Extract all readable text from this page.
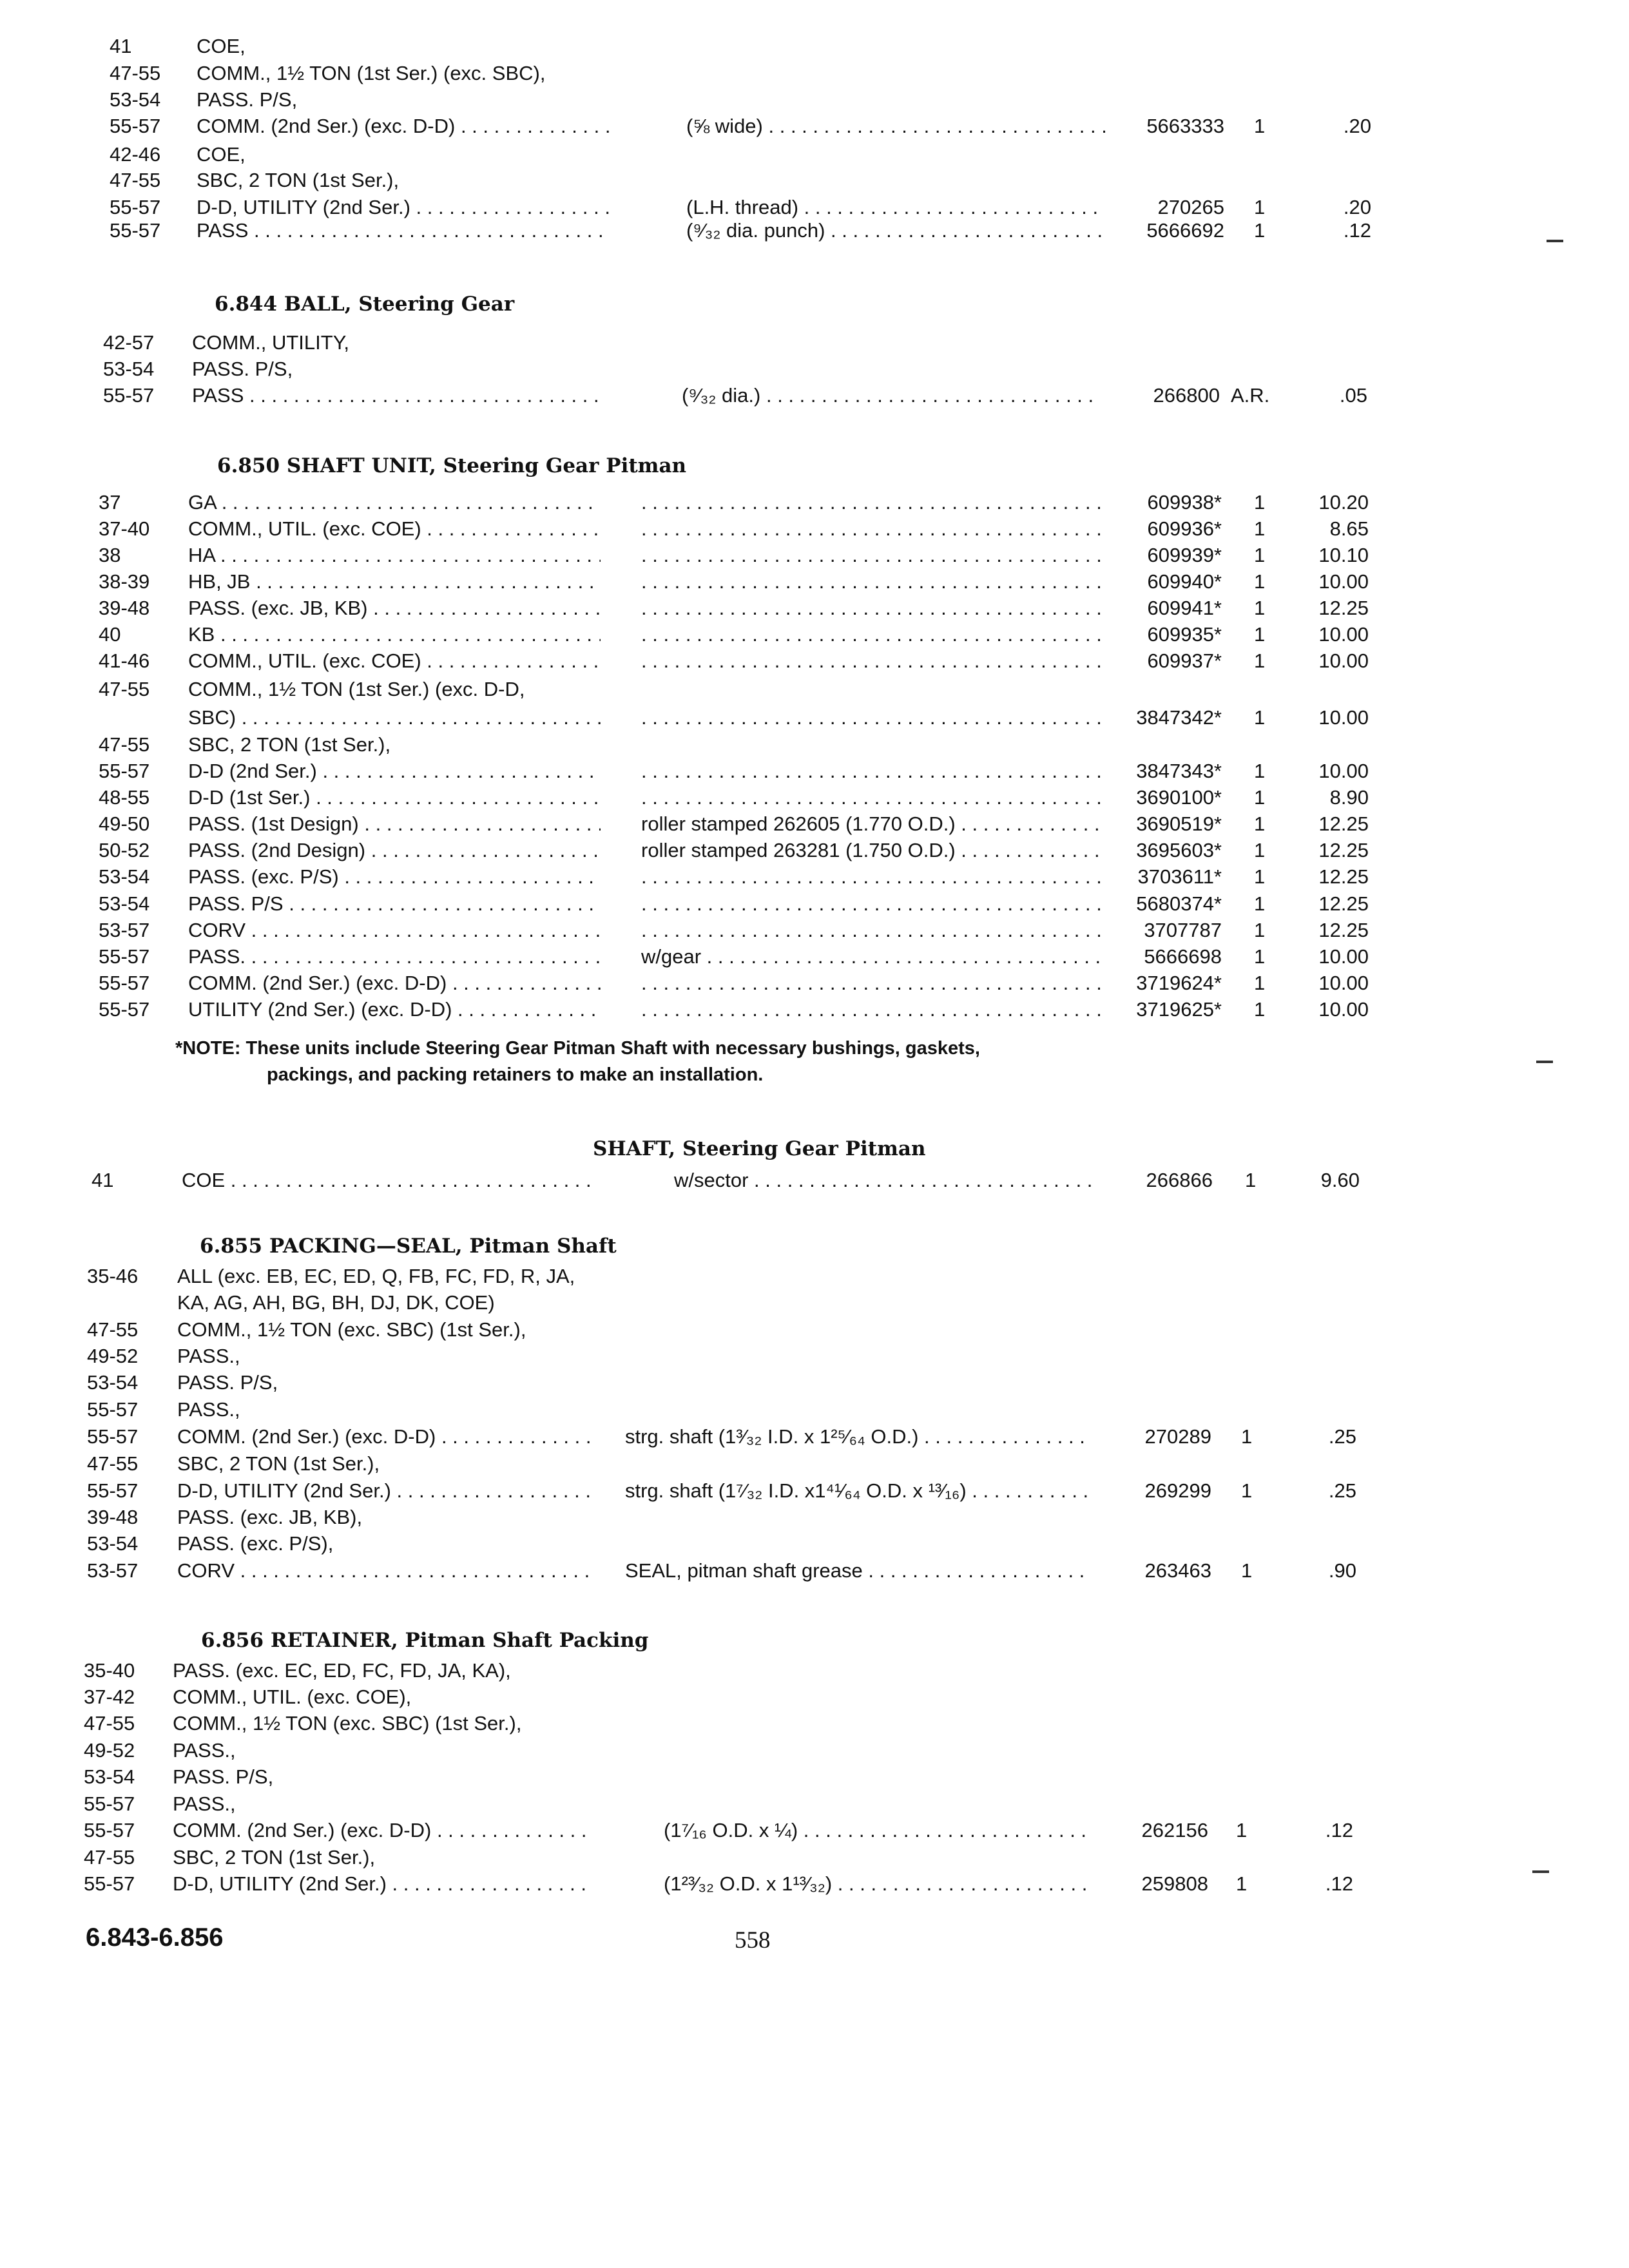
41	COE,
47-55	COMM., 1½ TON (1st Ser.) (exc. SBC),
53-54	PASS. P/S,
55-57	COMM. (2nd Ser.) (exc. D-D) . . .	(⅝ wide) . . .	5663333 1	.20
42-46	COE,
47-55	SBC, 2 TON (1st Ser.),
55-57	D-D, UTILITY (2nd Ser.) . . .	(L.H. thread) . . .	270265 1	.20
55-57	PASS . . .	(⁹⁄₃₂ dia. punch) . . .	5666692 1	.12
6.844 BALL, Steering Gear
42-57	COMM., UTILITY,
53-54	PASS. P/S,
55-57	PASS . . .	(⁹⁄₃₂ dia.) . . .	266800 A.R.	.05
6.850 SHAFT UNIT, Steering Gear Pitman
37	GA . . . . . .	609938* 1	10.20
37-40	COMM., UTIL. (exc. COE) . . . . . .	609936* 1	8.65
38	HA . . . . . .	609939* 1	10.10
38-39	HB, JB . . . . . .	609940* 1	10.00
39-48	PASS. (exc. JB, KB) . . . . . .	609941* 1	12.25
40	KB . . . . . .	609935* 1	10.00
41-46	COMM., UTIL. (exc. COE) . . . . . .	609937* 1	10.00
47-55	COMM., 1½ TON (1st Ser.) (exc. D-D,
SBC) . . . . . .	3847342* 1	10.00
47-55	SBC, 2 TON (1st Ser.),
55-57	D-D (2nd Ser.) . . . . . .	3847343* 1	10.00
48-55	D-D (1st Ser.) . . . . . .	3690100* 1	8.90
49-50	PASS. (1st Design) . . .	roller stamped 262605 (1.770 O.D.) . . .	3690519* 1	12.25
50-52	PASS. (2nd Design) . . .	roller stamped 263281 (1.750 O.D.) . . .	3695603* 1	12.25
53-54	PASS. (exc. P/S) . . . . . .	3703611* 1	12.25
53-54	PASS. P/S . . . . . .	5680374* 1	12.25
53-57	CORV . . . . . .	3707787 1	12.25
55-57	PASS. . . .	w/gear . . .	5666698 1	10.00
55-57	COMM. (2nd Ser.) (exc. D-D) . . . . . .	3719624* 1	10.00
55-57	UTILITY (2nd Ser.) (exc. D-D) . . . . . .	3719625* 1	10.00
*NOTE: These units include Steering Gear Pitman Shaft with necessary bushings, gaskets,
packings, and packing retainers to make an installation.
SHAFT, Steering Gear Pitman
41	COE . . .	w/sector . . .	266866 1	9.60
6.855 PACKING—SEAL, Pitman Shaft
35-46	ALL (exc. EB, EC, ED, Q, FB, FC, FD, R, JA,
KA, AG, AH, BG, BH, DJ, DK, COE)
47-55	COMM., 1½ TON (exc. SBC) (1st Ser.),
49-52	PASS.,
53-54	PASS. P/S,
55-57	PASS.,
55-57	COMM. (2nd Ser.) (exc. D-D) . . .	strg. shaft (1³⁄₃₂ I.D. x 1²⁵⁄₆₄ O.D.) . . .	270289 1	.25
47-55	SBC, 2 TON (1st Ser.),
55-57	D-D, UTILITY (2nd Ser.) . . .	strg. shaft (1⁷⁄₃₂ I.D. x1⁴¹⁄₆₄ O.D. x ¹³⁄₁₆) . . .	269299 1	.25
39-48	PASS. (exc. JB, KB),
53-54	PASS. (exc. P/S),
53-57	CORV . . .	SEAL, pitman shaft grease . . .	263463 1	.90
6.856 RETAINER, Pitman Shaft Packing
35-40	PASS. (exc. EC, ED, FC, FD, JA, KA),
37-42	COMM., UTIL. (exc. COE),
47-55	COMM., 1½ TON (exc. SBC) (1st Ser.),
49-52	PASS.,
53-54	PASS. P/S,
55-57	PASS.,
55-57	COMM. (2nd Ser.) (exc. D-D) . . .	(1⁷⁄₁₆ O.D. x ¼) . . .	262156 1	.12
47-55	SBC, 2 TON (1st Ser.),
55-57	D-D, UTILITY (2nd Ser.) . . .	(1²³⁄₃₂ O.D. x 1¹³⁄₃₂) . . .	259808 1	.12
6.843-6.856	558
